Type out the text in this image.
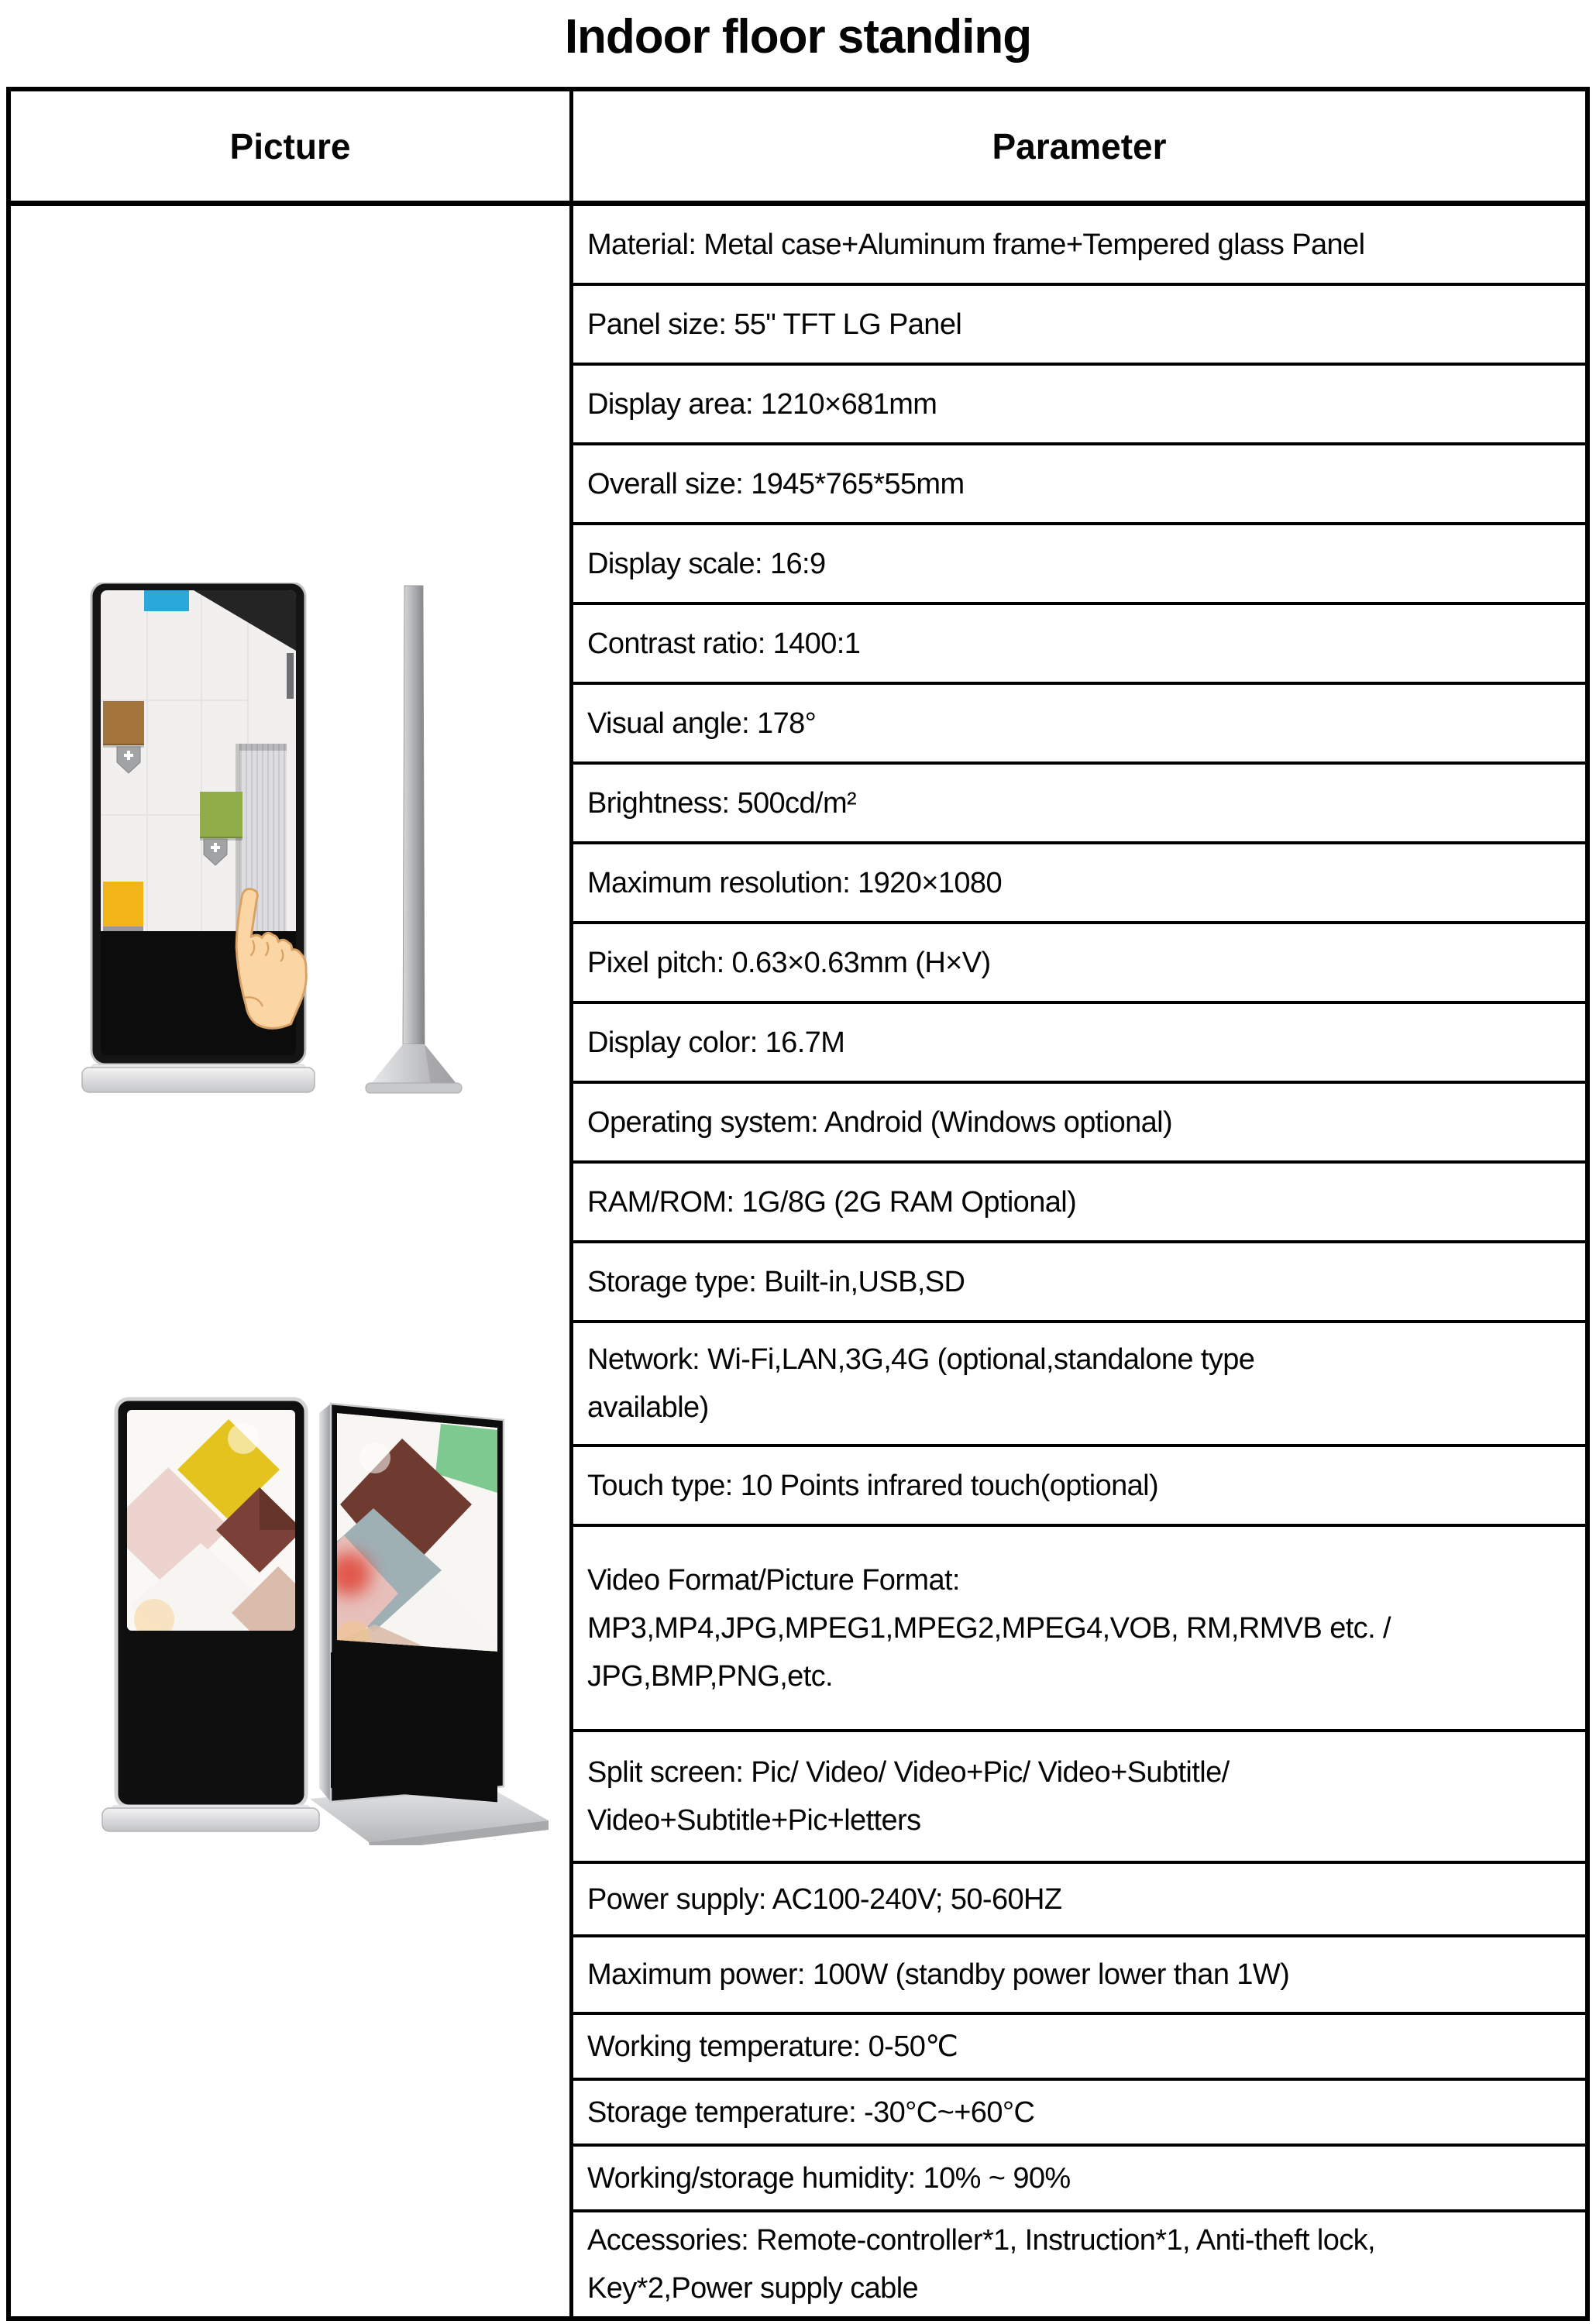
Indoor floor standing
Picture	Parameter
Material: Metal case+Aluminum frame+Tempered glass Panel
Panel size: 55" TFT LG Panel
Display area: 1210×681mm
Overall size: 1945*765*55mm
Display scale: 16:9
Contrast ratio: 1400:1
Visual angle: 178°
Brightness: 500cd/m²
Maximum resolution: 1920×1080
Pixel pitch: 0.63×0.63mm (H×V)
Display color: 16.7M
Operating system: Android (Windows optional)
RAM/ROM: 1G/8G (2G RAM Optional)
Storage type: Built-in,USB,SD
Network: Wi-Fi,LAN,3G,4G (optional,standalone type
available)
Touch type: 10 Points infrared touch(optional)
Video Format/Picture Format:
MP3,MP4,JPG,MPEG1,MPEG2,MPEG4,VOB, RM,RMVB etc. /
JPG,BMP,PNG,etc.
Split screen: Pic/ Video/ Video+Pic/ Video+Subtitle/
Video+Subtitle+Pic+letters
Power supply: AC100-240V; 50-60HZ
Maximum power: 100W (standby power lower than 1W)
Working temperature: 0-50℃
Storage temperature: -30°C~+60°C
Working/storage humidity: 10% ~ 90%
Accessories: Remote-controller*1, Instruction*1, Anti-theft lock,
Key*2,Power supply cable
